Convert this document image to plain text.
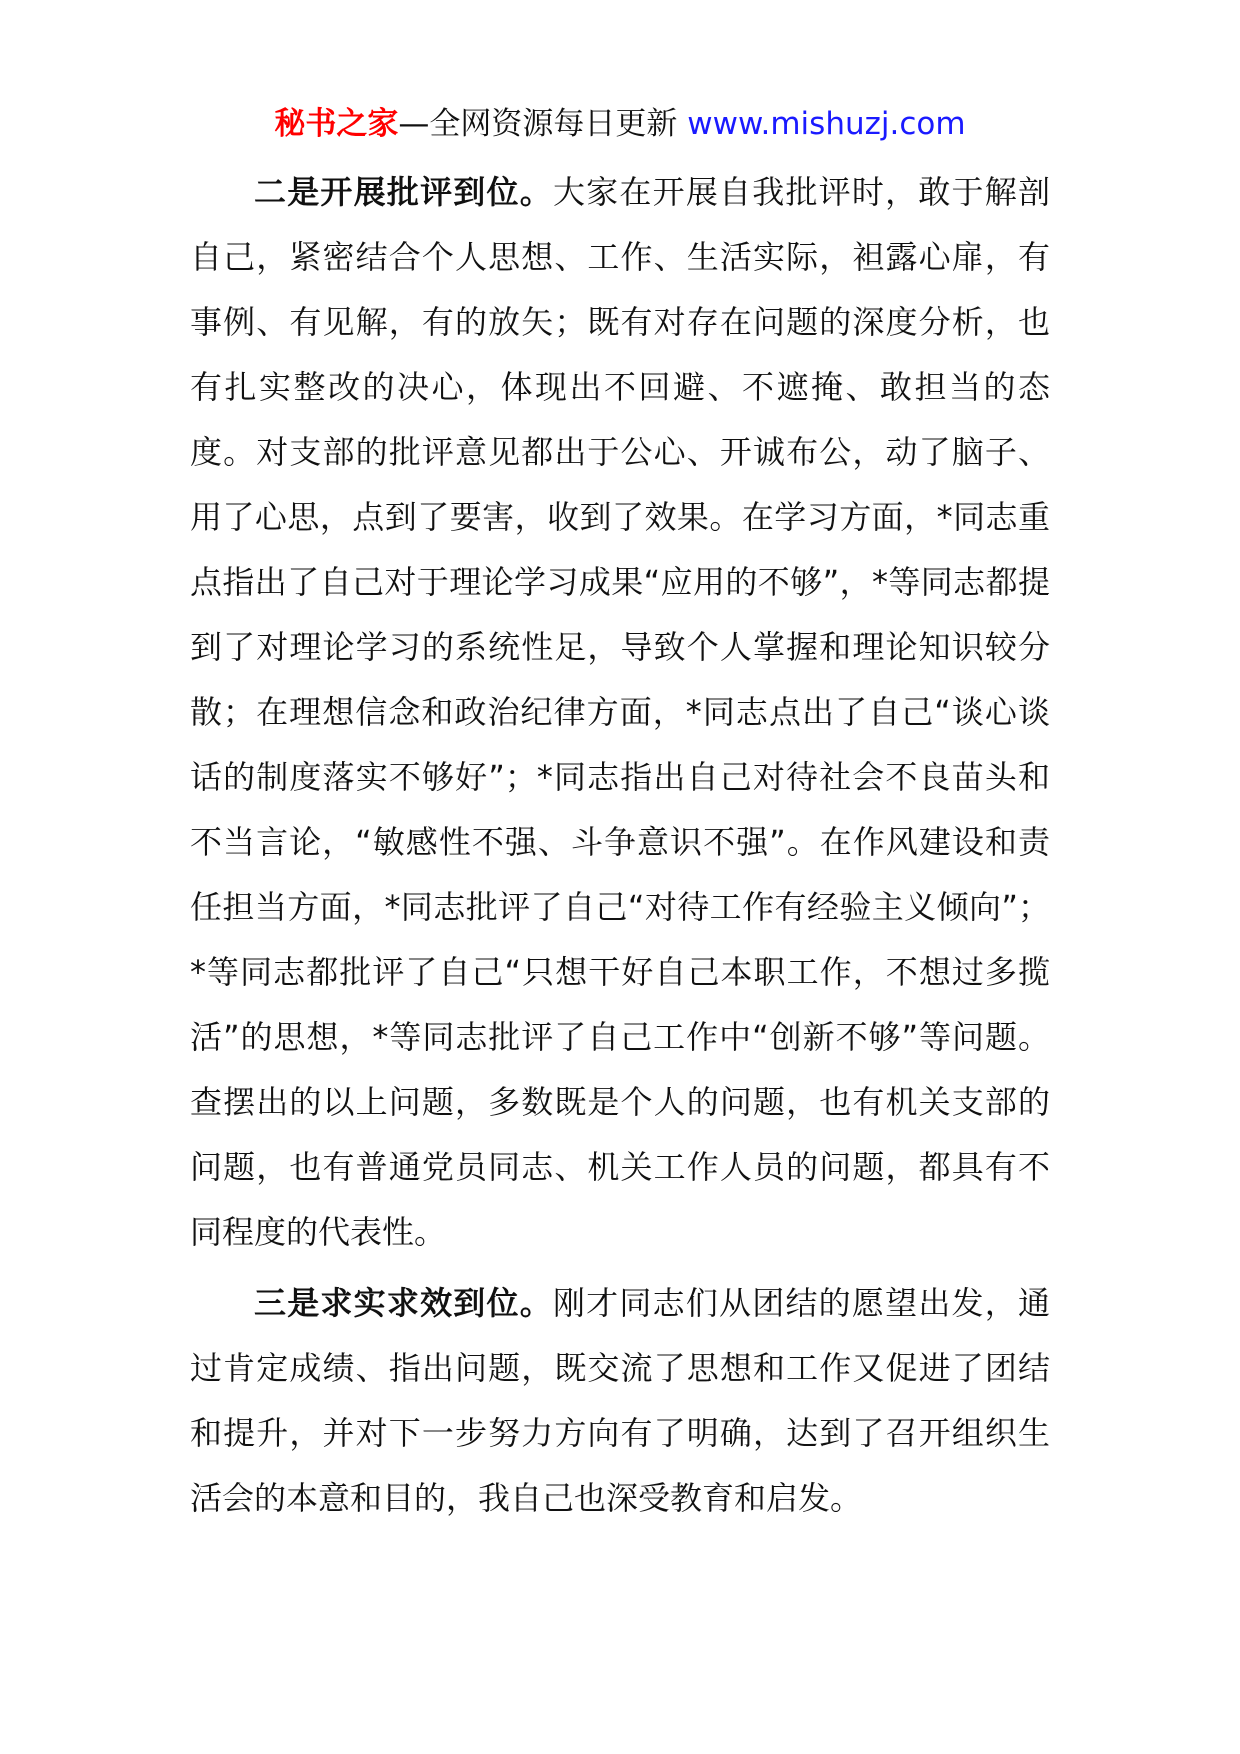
秘书之家—全网资源每日更新 www.mishuzj.com

二是开展批评到位。大家在开展自我批评时，敢于解剖自己，紧密结合个人思想、工作、生活实际，袒露心扉，有事例、有见解，有的放矢；既有对存在问题的深度分析，也有扎实整改的决心，体现出不回避、不遮掩、敢担当的态度。对支部的批评意见都出于公心、开诚布公，动了脑子、用了心思，点到了要害，收到了效果。在学习方面，*同志重点指出了自己对于理论学习成果“应用的不够”，*等同志都提到了对理论学习的系统性足，导致个人掌握和理论知识较分散；在理想信念和政治纪律方面，*同志点出了自己“谈心谈话的制度落实不够好”；*同志指出自己对待社会不良苗头和不当言论，“敏感性不强、斗争意识不强”。在作风建设和责任担当方面，*同志批评了自己“对待工作有经验主义倾向”；*等同志都批评了自己“只想干好自己本职工作，不想过多揽活”的思想，*等同志批评了自己工作中“创新不够”等问题。查摆出的以上问题，多数既是个人的问题，也有机关支部的问题，也有普通党员同志、机关工作人员的问题，都具有不同程度的代表性。

三是求实求效到位。刚才同志们从团结的愿望出发，通过肯定成绩、指出问题，既交流了思想和工作又促进了团结和提升，并对下一步努力方向有了明确，达到了召开组织生活会的本意和目的，我自己也深受教育和启发。
